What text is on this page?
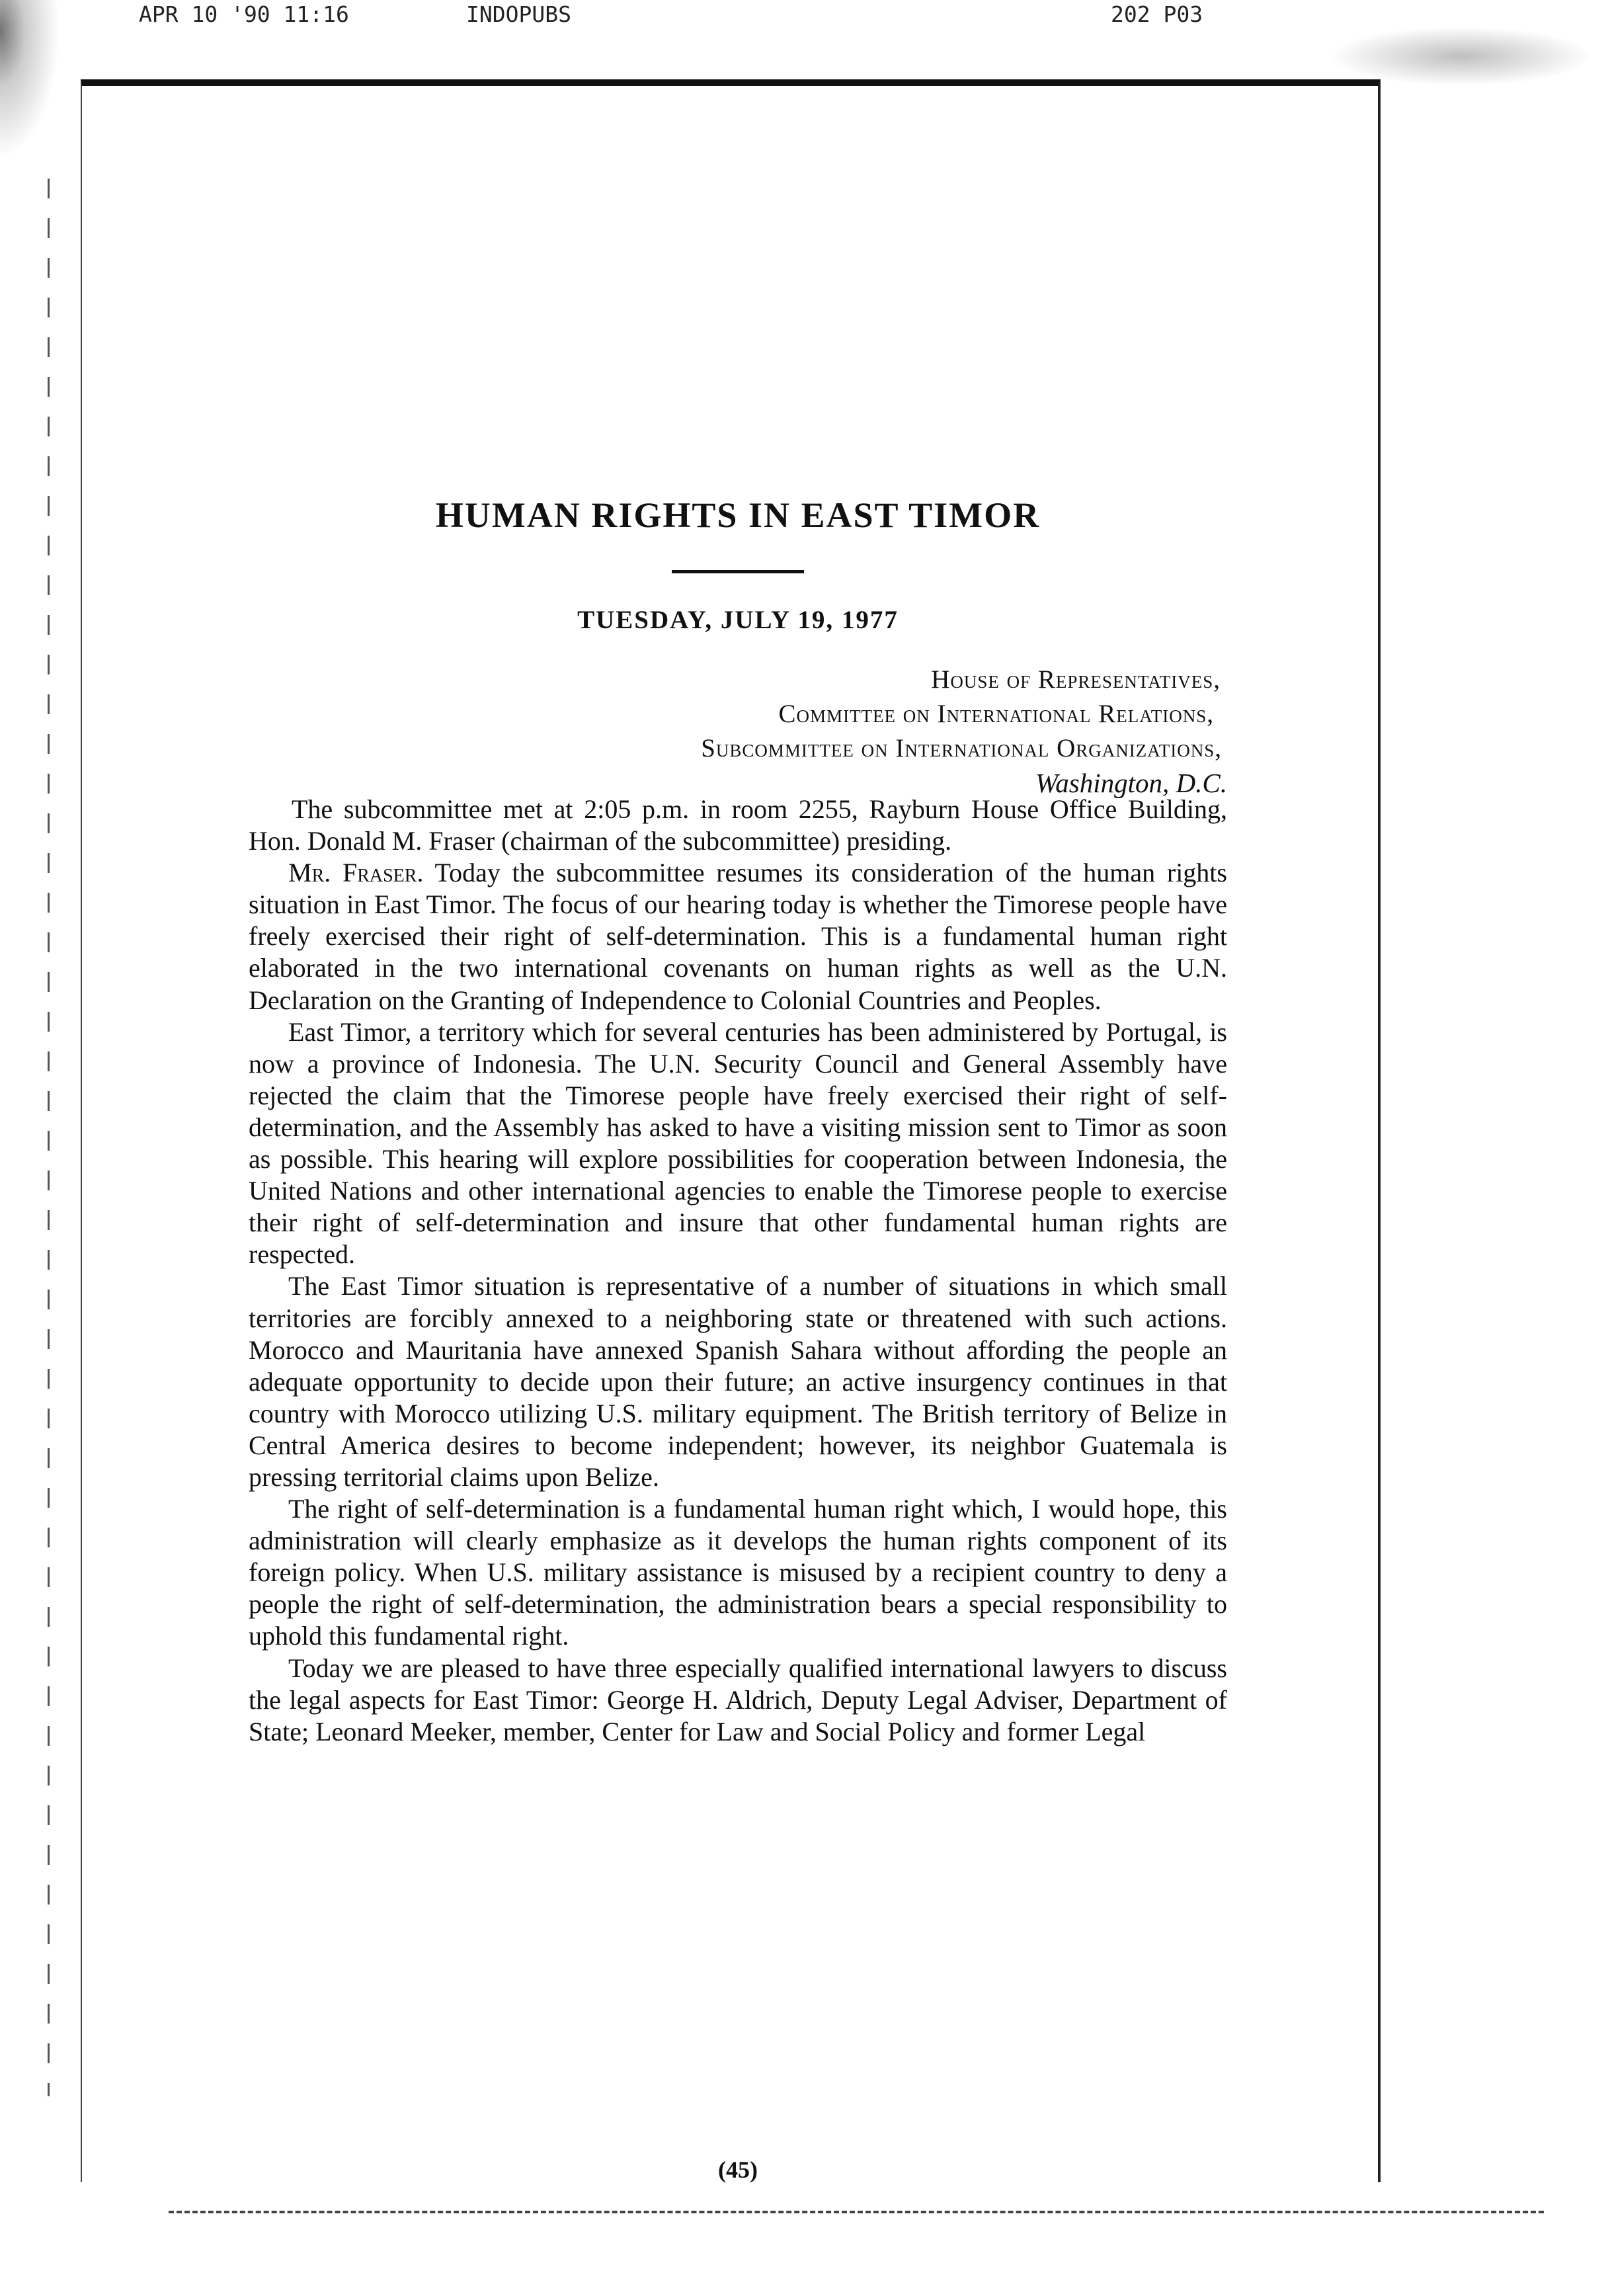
APR 10 '90 11:16	INDOPUBS	202 P03
HUMAN RIGHTS IN EAST TIMOR
TUESDAY, JULY 19, 1977
House of Representatives,
Committee on International Relations,
Subcommittee on International Organizations,
Washington, D.C.

The subcommittee met at 2:05 p.m. in room 2255, Rayburn House Office Building, Hon. Donald M. Fraser (chairman of the subcommittee) presiding.

Mr. Fraser. Today the subcommittee resumes its consideration of the human rights situation in East Timor. The focus of our hearing today is whether the Timorese people have freely exercised their right of self-determination. This is a fundamental human right elaborated in the two international covenants on human rights as well as the U.N. Declaration on the Granting of Independence to Colonial Countries and Peoples.

East Timor, a territory which for several centuries has been administered by Portugal, is now a province of Indonesia. The U.N. Security Council and General Assembly have rejected the claim that the Timorese people have freely exercised their right of self-determination, and the Assembly has asked to have a visiting mission sent to Timor as soon as possible. This hearing will explore possibilities for cooperation between Indonesia, the United Nations and other international agencies to enable the Timorese people to exercise their right of self-determination and insure that other fundamental human rights are respected.

The East Timor situation is representative of a number of situations in which small territories are forcibly annexed to a neighboring state or threatened with such actions. Morocco and Mauritania have annexed Spanish Sahara without affording the people an adequate opportunity to decide upon their future; an active insurgency continues in that country with Morocco utilizing U.S. military equipment. The British territory of Belize in Central America desires to become independent; however, its neighbor Guatemala is pressing territorial claims upon Belize.

The right of self-determination is a fundamental human right which, I would hope, this administration will clearly emphasize as it develops the human rights component of its foreign policy. When U.S. military assistance is misused by a recipient country to deny a people the right of self-determination, the administration bears a special responsibility to uphold this fundamental right.

Today we are pleased to have three especially qualified international lawyers to discuss the legal aspects for East Timor: George H. Aldrich, Deputy Legal Adviser, Department of State; Leonard Meeker, member, Center for Law and Social Policy and former Legal

(45)
